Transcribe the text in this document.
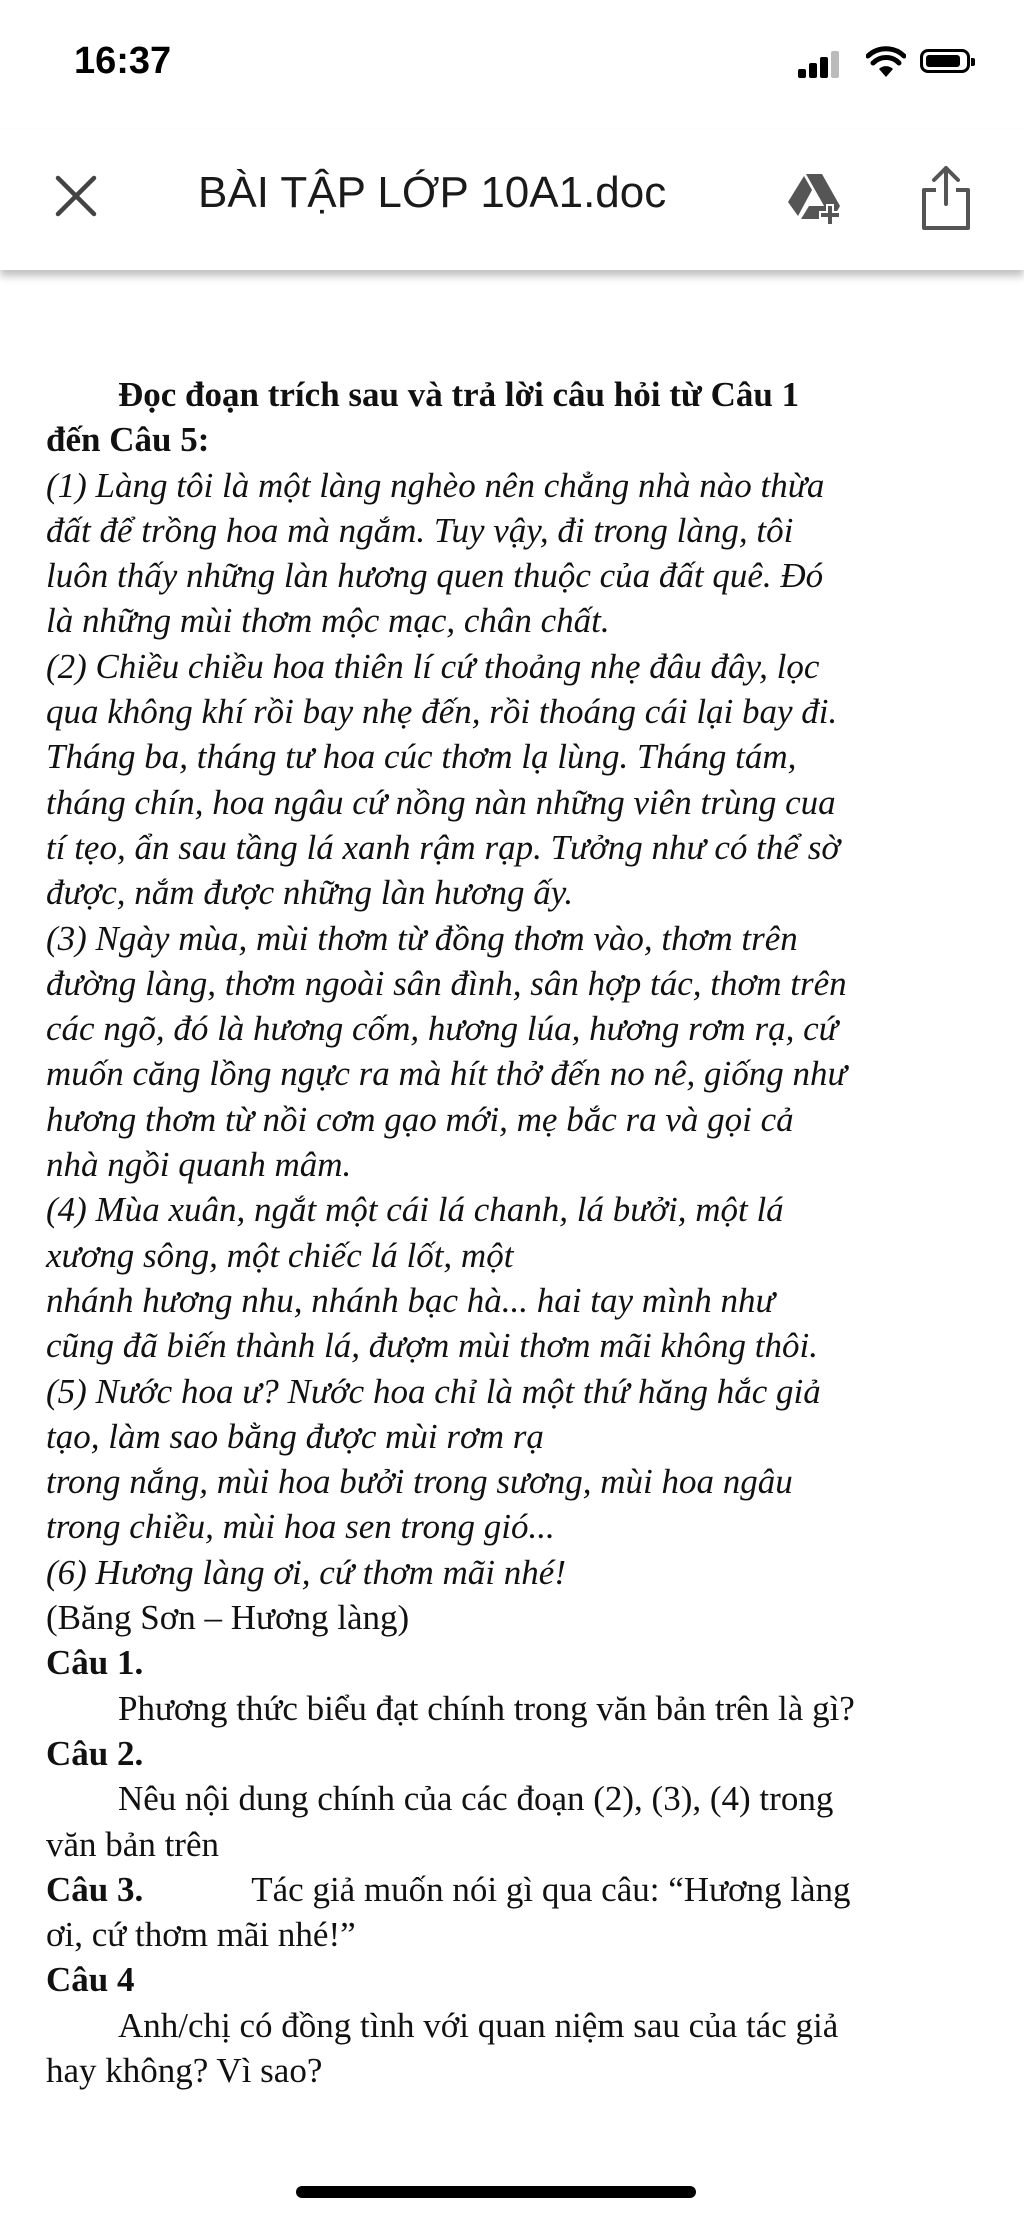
16:37
BÀI TẬP LỚP 10A1.doc
Đọc đoạn trích sau và trả lời câu hỏi từ Câu 1
đến Câu 5:
(1) Làng tôi là một làng nghèo nên chẳng nhà nào thừa
đất để trồng hoa mà ngắm. Tuy vậy, đi trong làng, tôi
luôn thấy những làn hương quen thuộc của đất quê. Đó
là những mùi thơm mộc mạc, chân chất.
(2) Chiều chiều hoa thiên lí cứ thoảng nhẹ đâu đây, lọc
qua không khí rồi bay nhẹ đến, rồi thoáng cái lại bay đi.
Tháng ba, tháng tư hoa cúc thơm lạ lùng. Tháng tám,
tháng chín, hoa ngâu cứ nồng nàn những viên trùng cua
tí tẹo, ẩn sau tầng lá xanh rậm rạp. Tưởng như có thể sờ
được, nắm được những làn hương ấy.
(3) Ngày mùa, mùi thơm từ đồng thơm vào, thơm trên
đường làng, thơm ngoài sân đình, sân hợp tác, thơm trên
các ngõ, đó là hương cốm, hương lúa, hương rơm rạ, cứ
muốn căng lồng ngực ra mà hít thở đến no nê, giống như
hương thơm từ nồi cơm gạo mới, mẹ bắc ra và gọi cả
nhà ngồi quanh mâm.
(4) Mùa xuân, ngắt một cái lá chanh, lá bưởi, một lá
xương sông, một chiếc lá lốt, một
nhánh hương nhu, nhánh bạc hà... hai tay mình như
cũng đã biến thành lá, đượm mùi thơm mãi không thôi.
(5) Nước hoa ư? Nước hoa chỉ là một thứ hăng hắc giả
tạo, làm sao bằng được mùi rơm rạ
trong nắng, mùi hoa bưởi trong sương, mùi hoa ngâu
trong chiều, mùi hoa sen trong gió...
(6) Hương làng ơi, cứ thơm mãi nhé!
(Băng Sơn – Hương làng)
Câu 1.
Phương thức biểu đạt chính trong văn bản trên là gì?
Câu 2.
Nêu nội dung chính của các đoạn (2), (3), (4) trong
văn bản trên
Câu 3.	Tác giả muốn nói gì qua câu: “Hương làng
ơi, cứ thơm mãi nhé!”
Câu 4
Anh/chị có đồng tình với quan niệm sau của tác giả
hay không? Vì sao?
